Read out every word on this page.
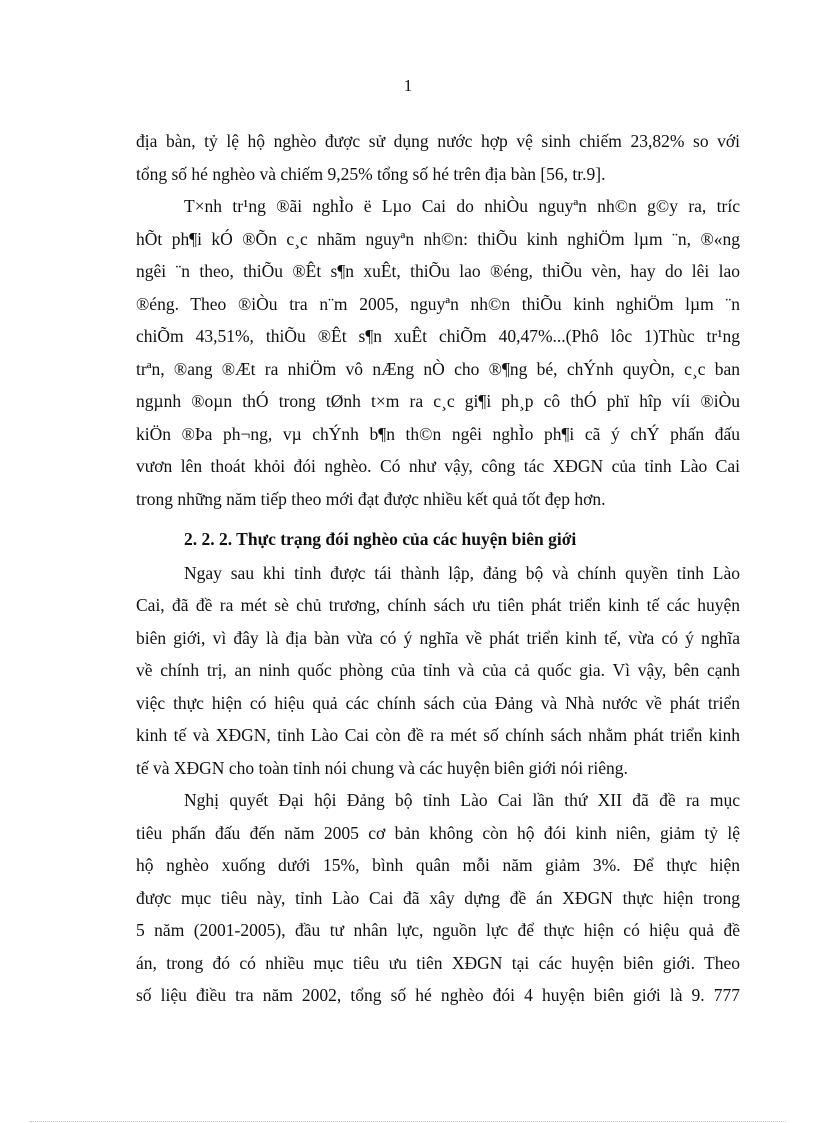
1
địa bàn, tỷ lệ hộ nghèo được sử dụng nước hợp vệ sinh chiếm 23,82% so với
tổng số hé nghèo và chiếm 9,25% tổng số hé trên địa bàn [56, tr.9].
T×nh tr¹ng ®ãi nghÌo ë Lµo Cai do nhiÒu nguyªn nh©n g©y ra, tríc
hÕt ph¶i kÓ ®Õn c¸c nhãm nguyªn nh©n: thiÕu kinh nghiÖm lµm ¨n, ®«ng
ngêi ¨n theo, thiÕu ®Êt s¶n xuÊt, thiÕu lao ®éng, thiÕu vèn, hay do lêi lao
®éng. Theo ®iÒu tra n¨m 2005, nguyªn nh©n thiÕu kinh nghiÖm lµm ¨n
chiÕm 43,51%, thiÕu ®Êt s¶n xuÊt chiÕm 40,47%...(Phô lôc 1)Thùc tr¹ng
trªn, ®ang ®Æt ra nhiÖm vô nÆng nÒ cho ®¶ng bé, chÝnh quyÒn, c¸c ban
ngµnh ®oµn thÓ trong tØnh t×m ra c¸c gi¶i ph¸p cô thÓ phï hîp víi ®iÒu
kiÖn ®Þa ph¬ng, vµ chÝnh b¶n th©n ngêi nghÌo ph¶i cã ý chÝ phấn đấu
vươn lên thoát khỏi đói nghèo. Có như vậy, công tác XĐGN của tỉnh Lào Cai
trong những năm tiếp theo mới đạt được nhiều kết quả tốt đẹp hơn.
2. 2. 2. Thực trạng đói nghèo của các huyện biên giới
Ngay sau khi tỉnh được tái thành lập, đảng bộ và chính quyền tỉnh Lào
Cai, đã đề ra mét sè chủ trương, chính sách ưu tiên phát triển kinh tế các huyện
biên giới, vì đây là địa bàn vừa có ý nghĩa về phát triển kinh tế, vừa có ý nghĩa
về chính trị, an ninh quốc phòng của tỉnh và của cả quốc gia. Vì vậy, bên cạnh
việc thực hiện có hiệu quả các chính sách của Đảng và Nhà nước về phát triển
kinh tế và XĐGN, tỉnh Lào Cai còn đề ra mét số chính sách nhằm phát triển kinh
tế và XĐGN cho toàn tỉnh nói chung và các huyện biên giới nói riêng.
Nghị quyết Đại hội Đảng bộ tỉnh Lào Cai lần thứ XII đã đề ra mục
tiêu phấn đấu đến năm 2005 cơ bản không còn hộ đói kinh niên, giảm tỷ lệ
hộ nghèo xuống dưới 15%, bình quân mỗi năm giảm 3%. Để thực hiện
được mục tiêu này, tỉnh Lào Cai đã xây dựng đề án XĐGN thực hiện trong
5 năm (2001-2005), đầu tư nhân lực, nguồn lực để thực hiện có hiệu quả đề
án, trong đó có nhiều mục tiêu ưu tiên XĐGN tại các huyện biên giới. Theo
số liệu điều tra năm 2002, tổng số hé nghèo đói 4 huyện biên giới là 9. 777
